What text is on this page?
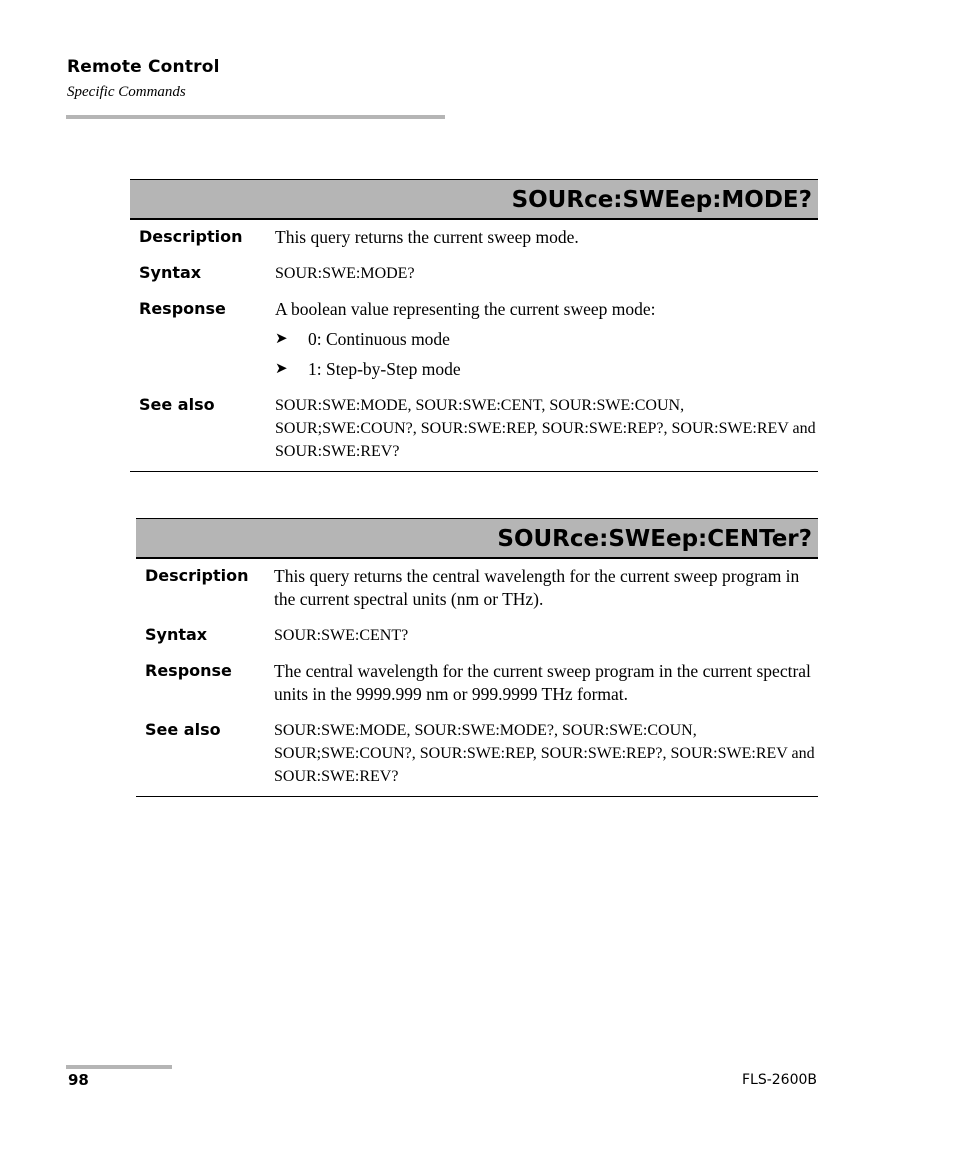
Remote Control
Specific Commands
SOURce:SWEep:MODE?
Description	This query returns the current sweep mode.
Syntax	SOUR:SWE:MODE?
Response	A boolean value representing the current sweep mode:
➤	0: Continuous mode
➤	1: Step-by-Step mode
See also	SOUR:SWE:MODE, SOUR:SWE:CENT, SOUR:SWE:COUN, SOUR;SWE:COUN?, SOUR:SWE:REP, SOUR:SWE:REP?, SOUR:SWE:REV and SOUR:SWE:REV?
SOURce:SWEep:CENTer?
Description	This query returns the central wavelength for the current sweep program in the current spectral units (nm or THz).
Syntax	SOUR:SWE:CENT?
Response	The central wavelength for the current sweep program in the current spectral units in the 9999.999 nm or 999.9999 THz format.
See also	SOUR:SWE:MODE, SOUR:SWE:MODE?, SOUR:SWE:COUN, SOUR;SWE:COUN?, SOUR:SWE:REP, SOUR:SWE:REP?, SOUR:SWE:REV and SOUR:SWE:REV?
98	FLS-2600B
